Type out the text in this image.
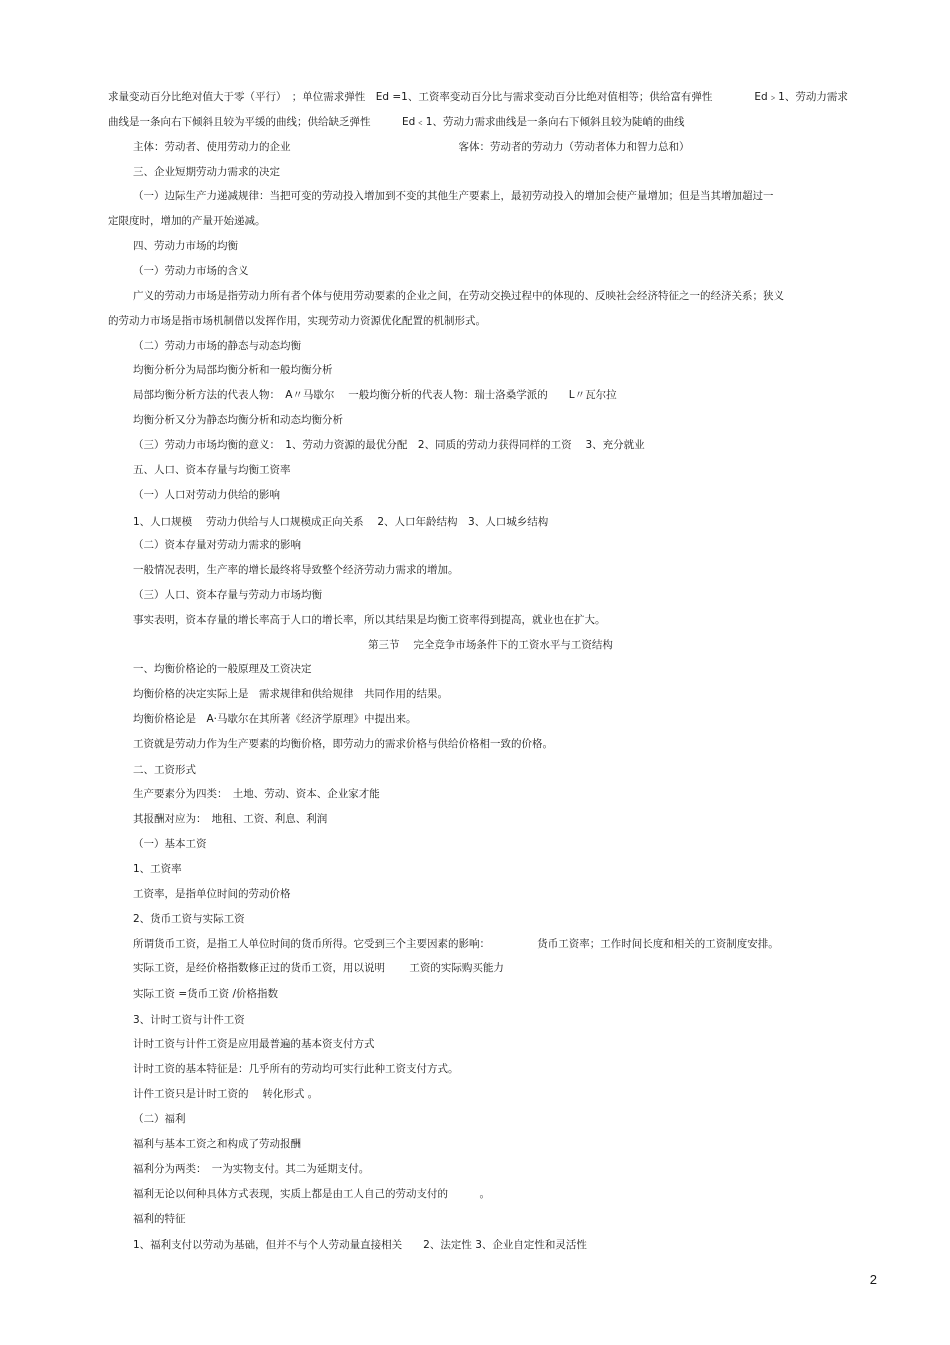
求量变动百分比绝对值大于零（平行）　；单位需求弹性　Ed =1、工资率变动百分比与需求变动百分比绝对值相等；供给富有弹性　　　　Ed﹥1、劳动力需求
曲线是一条向右下倾斜且较为平缓的曲线；供给缺乏弹性　　　Ed﹤1、劳动力需求曲线是一条向右下倾斜且较为陡峭的曲线
主体：劳动者、使用劳动力的企业　　　　　　　　　　　　　　　　客体：劳动者的劳动力（劳动者体力和智力总和）
三、企业短期劳动力需求的决定
（一）边际生产力递减规律：当把可变的劳动投入增加到不变的其他生产要素上，最初劳动投入的增加会使产量增加；但是当其增加超过一
定限度时，增加的产量开始递减。
四、劳动力市场的均衡
（一）劳动力市场的含义
广义的劳动力市场是指劳动力所有者个体与使用劳动要素的企业之间，在劳动交换过程中的体现的、反映社会经济特征之一的经济关系；狭义
的劳动力市场是指市场机制借以发挥作用，实现劳动力资源优化配置的机制形式。
（二）劳动力市场的静态与动态均衡
均衡分析分为局部均衡分析和一般均衡分析
局部均衡分析方法的代表人物：　A〃马歇尔　 一般均衡分析的代表人物：瑞士洛桑学派的　　L〃瓦尔拉
均衡分析又分为静态均衡分析和动态均衡分析
（三）劳动力市场均衡的意义：　1、劳动力资源的最优分配　2、同质的劳动力获得同样的工资　 3、充分就业
五、人口、资本存量与均衡工资率
（一）人口对劳动力供给的影响
1、人口规模　 劳动力供给与人口规模成正向关系　 2、人口年龄结构　3、人口城乡结构
（二）资本存量对劳动力需求的影响
一般情况表明，生产率的增长最终将导致整个经济劳动力需求的增加。
（三）人口、资本存量与劳动力市场均衡
事实表明，资本存量的增长率高于人口的增长率，所以其结果是均衡工资率得到提高，就业也在扩大。
第三节　 完全竞争市场条件下的工资水平与工资结构
一、均衡价格论的一般原理及工资决定
均衡价格的决定实际上是　需求规律和供给规律　共同作用的结果。
均衡价格论是　A·马歇尔在其所著《经济学原理》中提出来。
工资就是劳动力作为生产要素的均衡价格，即劳动力的需求价格与供给价格相一致的价格。
二、工资形式
生产要素分为四类：　土地、劳动、资本、企业家才能
其报酬对应为：　地租、工资、利息、利润
（一）基本工资
1、工资率
工资率，是指单位时间的劳动价格
2、货币工资与实际工资
所谓货币工资，是指工人单位时间的货币所得。它受到三个主要因素的影响：　　　　　货币工资率；工作时间长度和相关的工资制度安排。
实际工资，是经价格指数修正过的货币工资，用以说明　　 工资的实际购买能力
实际工资 =货币工资 /价格指数
3、计时工资与计件工资
计时工资与计件工资是应用最普遍的基本资支付方式
计时工资的基本特征是：几乎所有的劳动均可实行此种工资支付方式。
计件工资只是计时工资的　 转化形式 。
（二）福利
福利与基本工资之和构成了劳动报酬
福利分为两类：　一为实物支付。其二为延期支付。
福利无论以何种具体方式表现，实质上都是由工人自己的劳动支付的　　　。
福利的特征
1、福利支付以劳动为基础，但并不与个人劳动量直接相关　　2、法定性 3、企业自定性和灵活性
2
